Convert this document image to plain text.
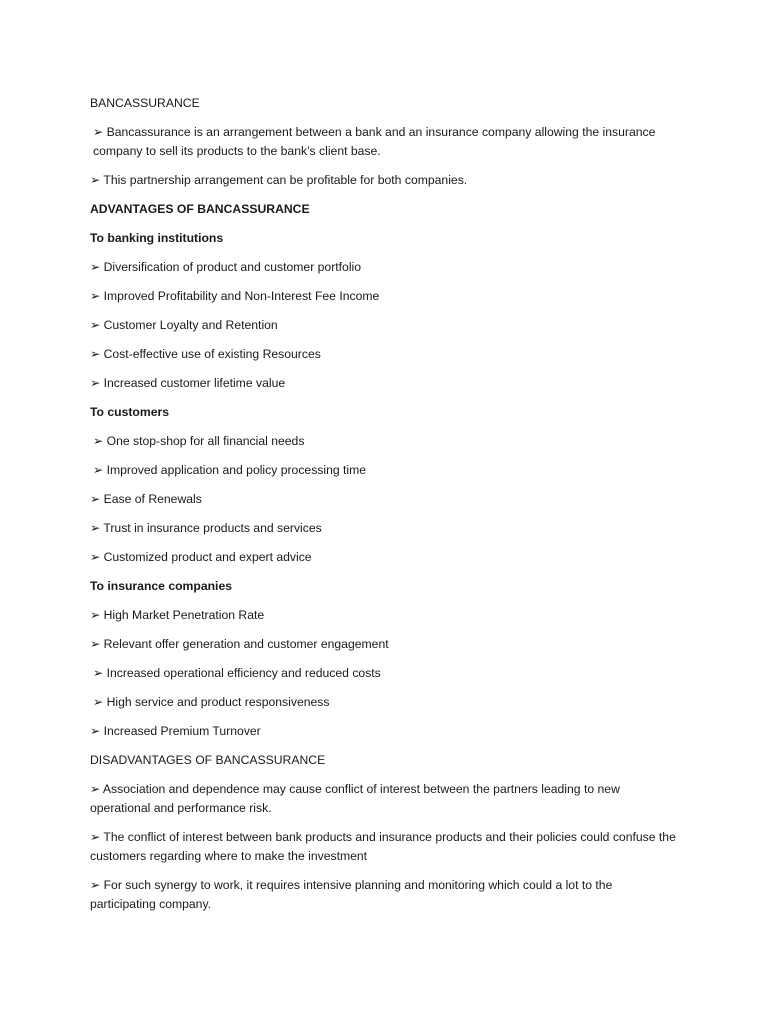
BANCASSURANCE

➢ Bancassurance is an arrangement between a bank and an insurance company allowing the insurance company to sell its products to the bank’s client base.

➢ This partnership arrangement can be profitable for both companies.

ADVANTAGES OF BANCASSURANCE

To banking institutions

➢ Diversification of product and customer portfolio

➢ Improved Profitability and Non-Interest Fee Income

➢ Customer Loyalty and Retention

➢ Cost-effective use of existing Resources

➢ Increased customer lifetime value

To customers

➢ One stop-shop for all financial needs

➢ Improved application and policy processing time

➢ Ease of Renewals

➢ Trust in insurance products and services

➢ Customized product and expert advice

To insurance companies

➢ High Market Penetration Rate

➢ Relevant offer generation and customer engagement

➢ Increased operational efficiency and reduced costs

➢ High service and product responsiveness

➢ Increased Premium Turnover

DISADVANTAGES OF BANCASSURANCE

➢ Association and dependence may cause conflict of interest between the partners leading to new operational and performance risk.

➢ The conflict of interest between bank products and insurance products and their policies could confuse the customers regarding where to make the investment

➢ For such synergy to work, it requires intensive planning and monitoring which could a lot to the participating company.
